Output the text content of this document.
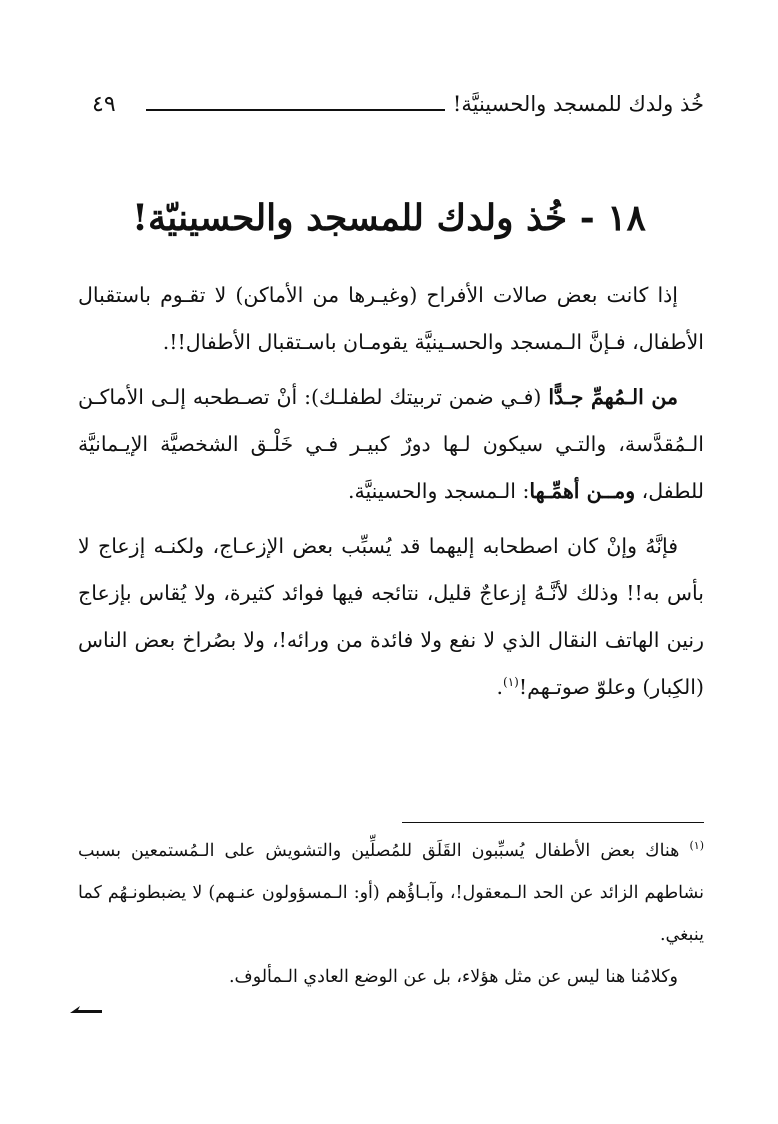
خُذ ولدك للمسجد والحسينيَّة!
٤٩
١٨ - خُذ ولدك للمسجد والحسينيّة!

إذا كانت بعض صالات الأفراح (وغيـرها من الأماكن) لا تقـوم باستقبال الأطفال، فـإنَّ الـمسجد والحسـينيَّة يقومـان باسـتقبال الأطفال!!.

من الـمُهمِّ جـدًّا (فـي ضمن تربيتك لطفلـك): أنْ تصـطحبه إلـى الأماكـن الـمُقدَّسة، والتـي سيكون لـها دورٌ كبيـر فـي خَلْـق الشخصيَّة الإيـمانيَّة للطفل، ومــن أهمِّـها: الـمسجد والحسينيَّة.

فإنَّهُ وإنْ كان اصطحابه إليهما قد يُسبِّب بعض الإزعـاج، ولكنـه إزعاج لا بأس به!! وذلك لأنَّـهُ إزعاجٌ قليل، نتائجه فيها فوائد كثيرة، ولا يُقاس بإزعاج رنين الهاتف النقال الذي لا نفع ولا فائدة من ورائه!، ولا بصُراخ بعض الناس (الكِبار) وعلوّ صوتـهم!$^{(١)}$.

$^{(١)}$ هناك بعض الأطفال يُسبِّبون القَلَق للمُصلِّين والتشويش على الـمُستمعين بسبب نشاطهم الزائد عن الحد الـمعقول!، وآبـاؤُهم (أو: الـمسؤولون عنـهم) لا يضبطونـهُم كما ينبغي.

وكلامُنا هنا ليس عن مثل هؤلاء، بل عن الوضع العادي الـمألوف.
